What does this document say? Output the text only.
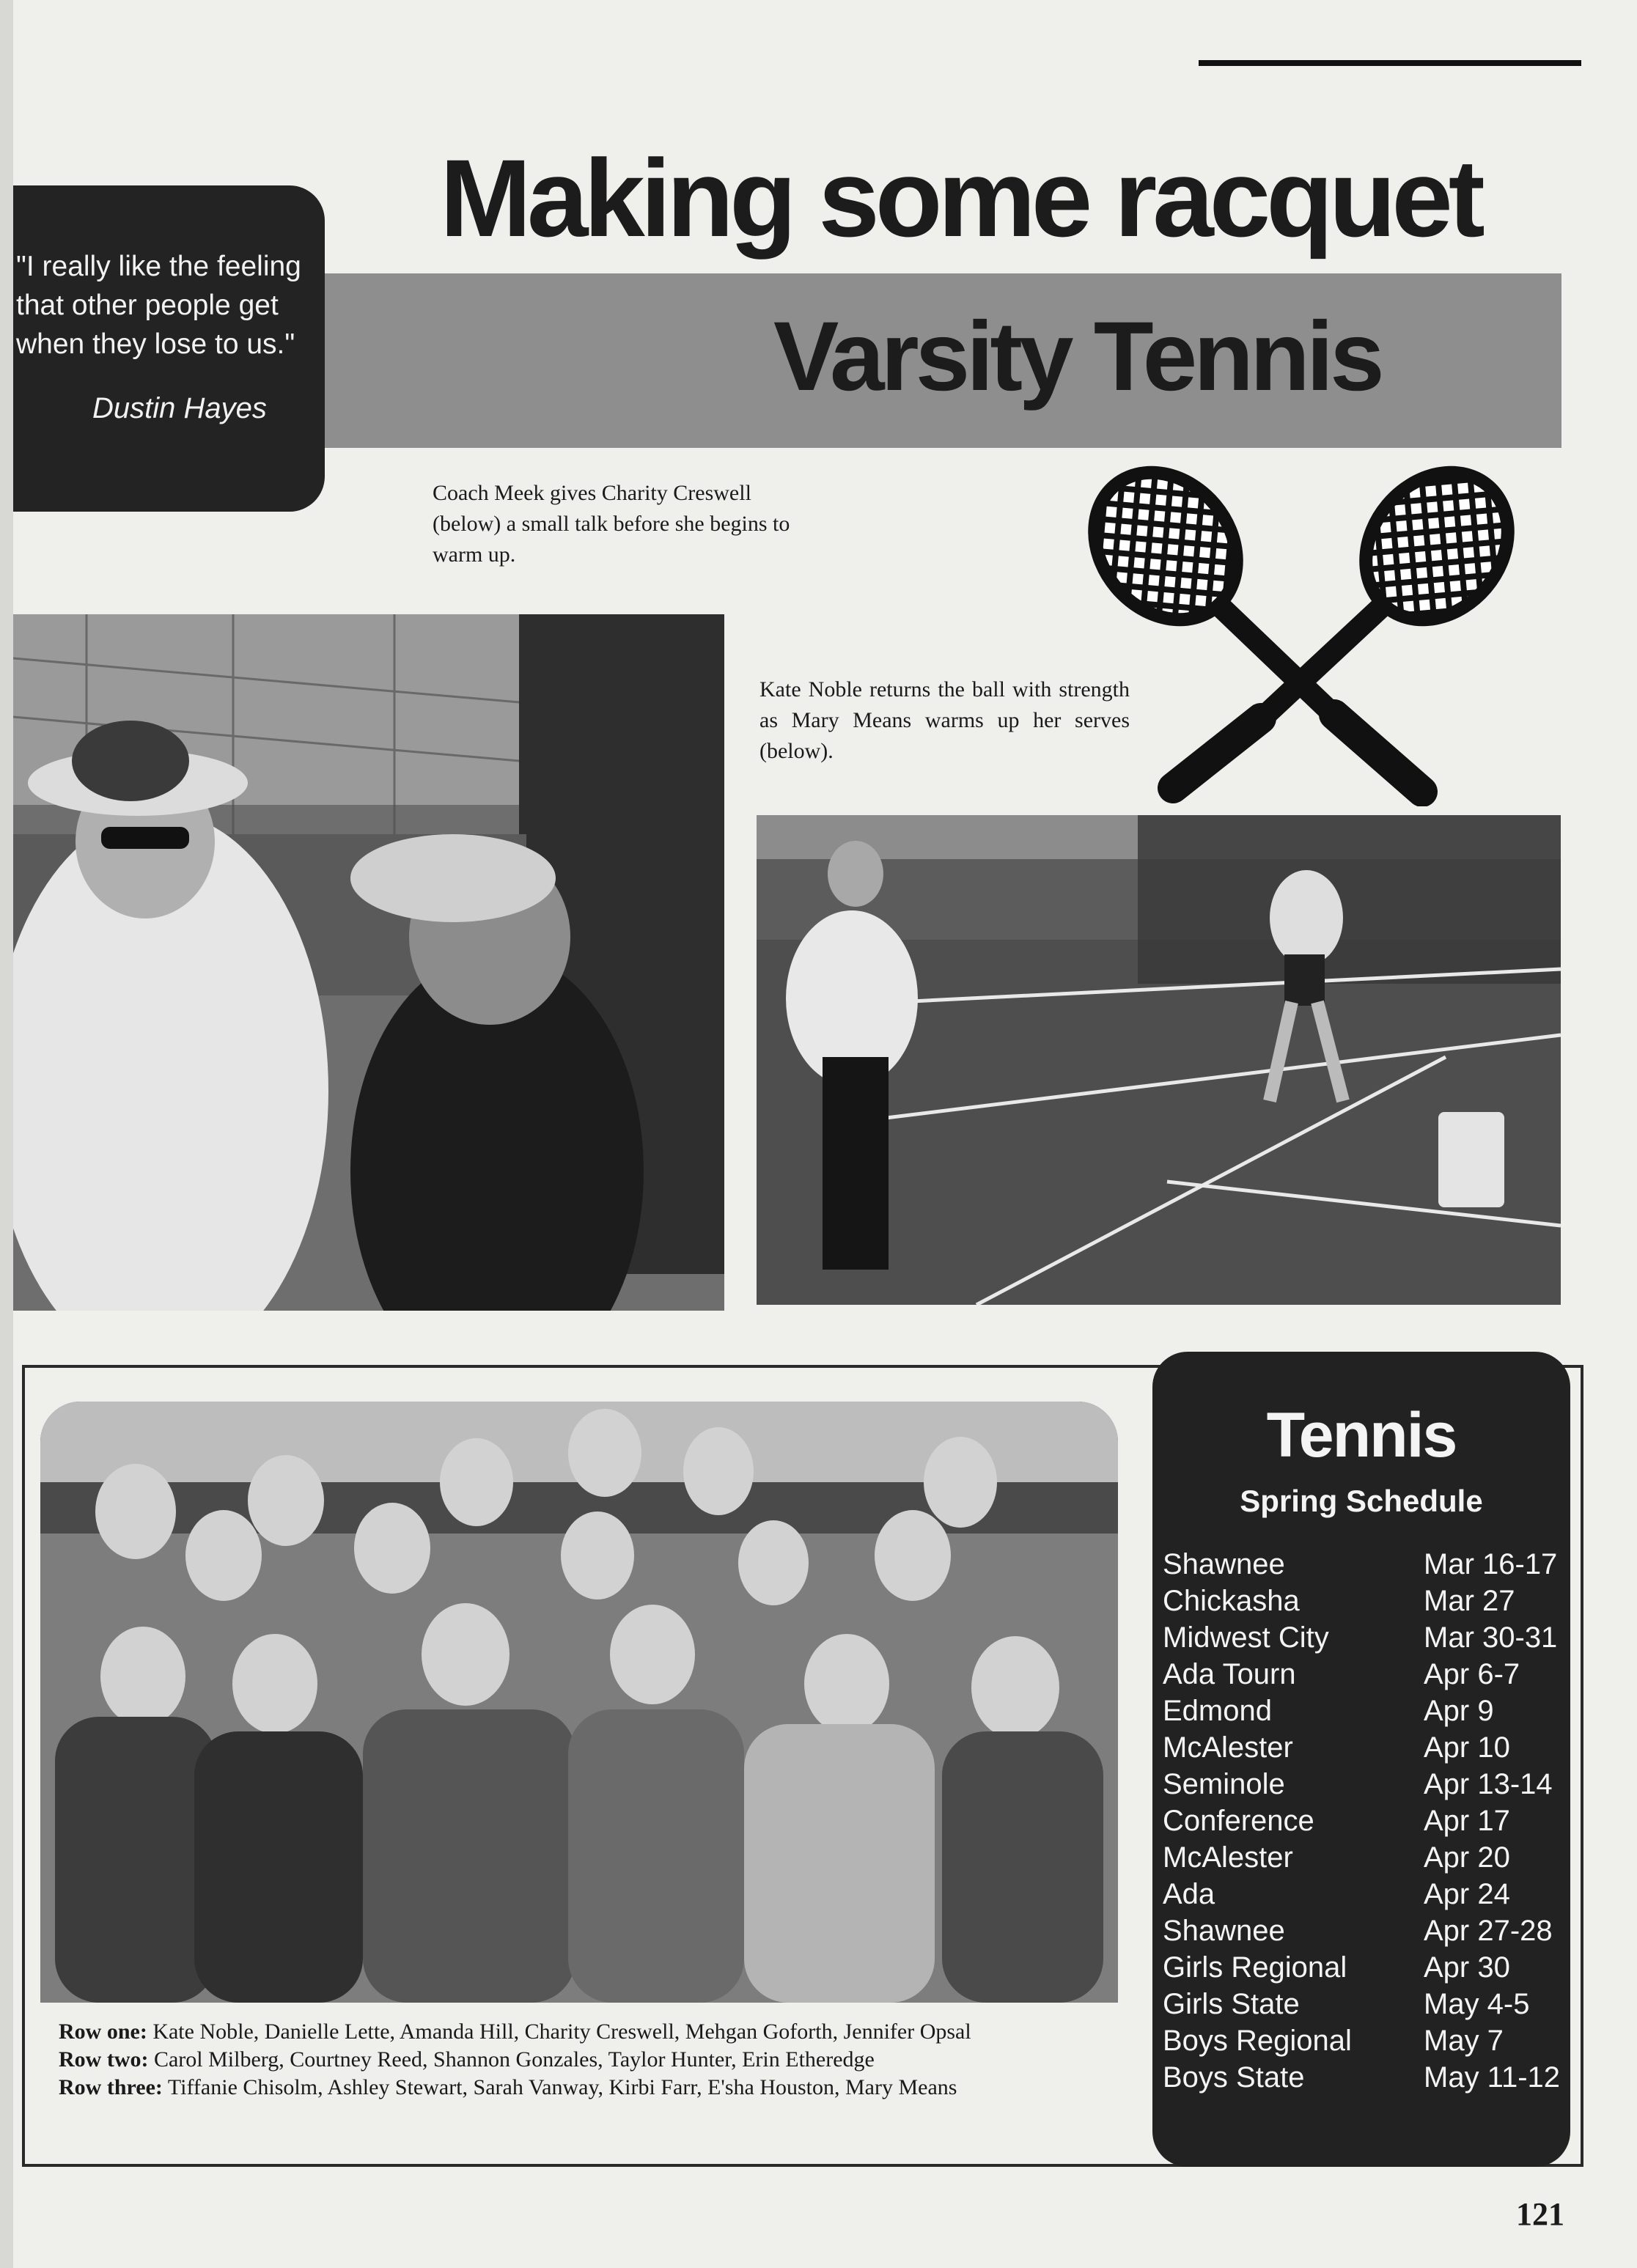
Making some racquet
Varsity Tennis
"I really like the feeling that other people get when they lose to us."
Dustin Hayes
Coach Meek gives Charity Creswell (below) a small talk before she begins to warm up.
Kate Noble returns the ball with strength as Mary Means warms up her serves (below).
Row one: Kate Noble, Danielle Lette, Amanda Hill, Charity Creswell, Mehgan Goforth, Jennifer Opsal
Row two: Carol Milberg, Courtney Reed, Shannon Gonzales, Taylor Hunter, Erin Etheredge
Row three: Tiffanie Chisolm, Ashley Stewart, Sarah Vanway, Kirbi Farr, E'sha Houston, Mary Means
Tennis
Spring Schedule
Shawnee	Mar 16-17
Chickasha	Mar 27
Midwest City	Mar 30-31
Ada Tourn	Apr 6-7
Edmond	Apr 9
McAlester	Apr 10
Seminole	Apr 13-14
Conference	Apr 17
McAlester	Apr 20
Ada	Apr 24
Shawnee	Apr 27-28
Girls Regional	Apr 30
Girls State	May 4-5
Boys Regional May 7
Boys State	May 11-12
121
